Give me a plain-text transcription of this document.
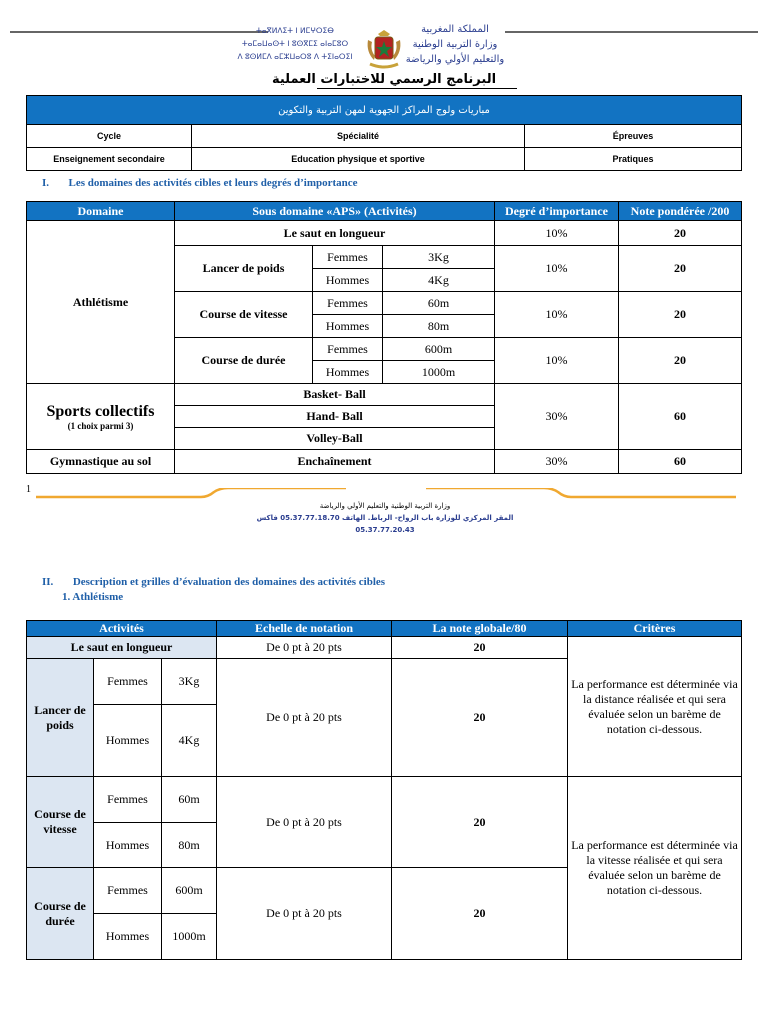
ⵜⴰⴳⵍⴷⵉⵜ ⵏ ⵍⵎⵖⵔⵉⴱ
ⵜⴰⵎⴰⵡⴰⵙⵜ ⵏ ⵓⵙⴳⵎⵉ ⴰⵏⴰⵎⵓⵔ
ⴷ ⵓⵙⵍⵎⴷ ⴰⵎⵣⵡⴰⵔⵓ ⴷ ⵜⵉⵏⴰⵔⵉⵏ
المملكة المغربية
وزارة التربية الوطنية
والتعليم الأولي والرياضة
البرنامج الرسمي للاختبارات العملية
مباريات ولوج المراكز الجهوية لمهن التربية والتكوين		
Cycle	Spécialité	Épreuves
Enseignement secondaire	Education physique et sportive	Pratiques
I. Les domaines des activités cibles et leurs degrés d’importance
Domaine	Sous domaine «APS» (Activités)			Degré d’importance	Note pondérée /200
Athlétisme	Le saut en longueur			10%	20
	Lancer de poids	Femmes	3Kg	10%	20
		Hommes	4Kg		
	Course de vitesse	Femmes	60m	10%	20
		Hommes	80m		
	Course de durée	Femmes	600m	10%	20
		Hommes	1000m		

Sports collectifs
(1 choix parmi 3)	Basket- Ball			30%	60
	Hand- Ball				
	Volley-Ball				
Gymnastique au sol	Enchaînement			30%	60
1
وزارة التربية الوطنية والتعليم الأولي والرياضة
المقر المركزي للوزارة باب الرواح- الرباط. الهاتف 05.37.77.18.70 فاكس 05.37.77.20.43
II. Description et grilles d’évaluation des domaines des activités cibles
1. Athlétisme
Activités			Echelle de notation	La note globale/80	Critères
Le saut en longueur			De 0 pt à 20 pts	20	La performance est déterminée via la distance réalisée et qui sera évaluée selon un barème de notation ci-dessous.
Lancer de poids	Femmes	3Kg	De 0 pt à 20 pts	20	
	Hommes	4Kg			
Course de vitesse	Femmes	60m	De 0 pt à 20 pts	20	La performance est déterminée via la vitesse réalisée et qui sera évaluée selon un barème de notation ci-dessous.
	Hommes	80m			
Course de durée	Femmes	600m	De 0 pt à 20 pts	20	
	Hommes	1000m			
